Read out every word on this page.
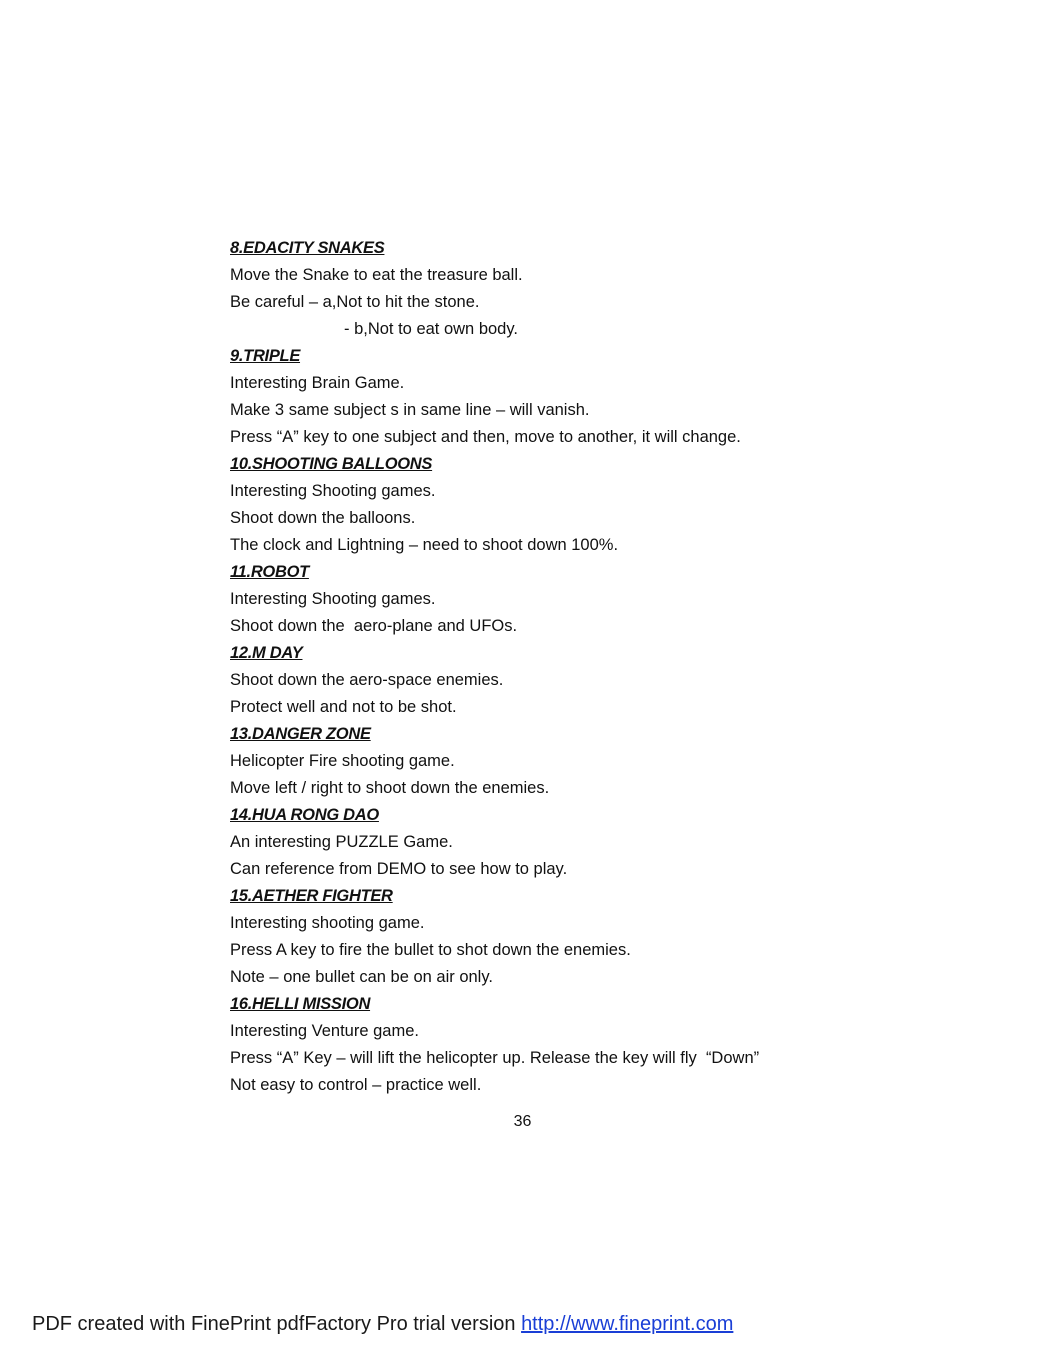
8.EDACITY SNAKES
Move the Snake to eat the treasure ball.
Be careful – a,Not to hit the stone.
- b,Not to eat own body.
9.TRIPLE
Interesting Brain Game.
Make 3 same subject s in same line – will vanish.
Press “A” key to one subject and then, move to another, it will change.
10.SHOOTING BALLOONS
Interesting Shooting games.
Shoot down the balloons.
The clock and Lightning – need to shoot down 100%.
11.ROBOT
Interesting Shooting games.
Shoot down the  aero-plane and UFOs.
12.M DAY
Shoot down the aero-space enemies.
Protect well and not to be shot.
13.DANGER ZONE
Helicopter Fire shooting game.
Move left / right to shoot down the enemies.
14.HUA RONG DAO
An interesting PUZZLE Game.
Can reference from DEMO to see how to play.
15.AETHER FIGHTER
Interesting shooting game.
Press A key to fire the bullet to shot down the enemies.
Note – one bullet can be on air only.
16.HELLI MISSION
Interesting Venture game.
Press “A” Key – will lift the helicopter up. Release the key will fly  “Down”
Not easy to control – practice well.
36
PDF created with FinePrint pdfFactory Pro trial version http://www.fineprint.com
